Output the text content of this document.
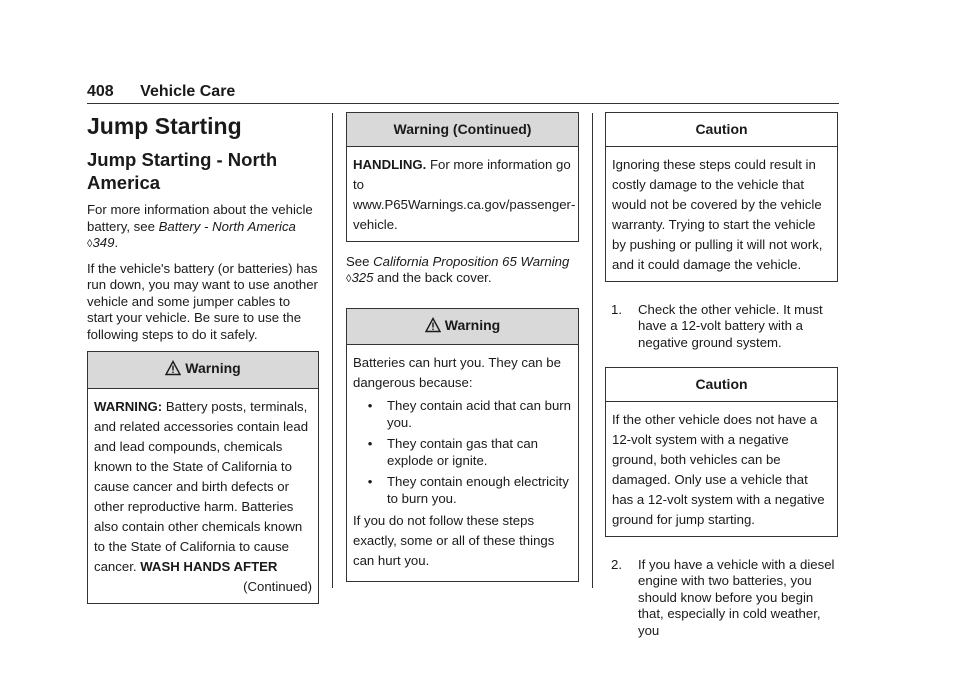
408 Vehicle Care
Jump Starting
Jump Starting - North America

For more information about the vehicle battery, see Battery - North America ◊349.

If the vehicle's battery (or batteries) has run down, you may want to use another vehicle and some jumper cables to start your vehicle. Be sure to use the following steps to do it safely.

Warning
WARNING: Battery posts, terminals, and related accessories contain lead and lead compounds, chemicals known to the State of California to cause cancer and birth defects or other reproductive harm. Batteries also contain other chemicals known to the State of California to cause cancer. WASH HANDS AFTER
(Continued)
Warning (Continued)
HANDLING. For more information go to www.P65Warnings.ca.gov/passenger-vehicle.

See California Proposition 65 Warning ◊325 and the back cover.

Warning

Batteries can hurt you. They can be dangerous because:

•	They contain acid that can burn you.
•	They contain gas that can explode or ignite.
•	They contain enough electricity to burn you.

If you do not follow these steps exactly, some or all of these things can hurt you.

Caution
Ignoring these steps could result in costly damage to the vehicle that would not be covered by the vehicle warranty. Trying to start the vehicle by pushing or pulling it will not work, and it could damage the vehicle.
1.	Check the other vehicle. It must have a 12-volt battery with a negative ground system.
Caution
If the other vehicle does not have a 12-volt system with a negative ground, both vehicles can be damaged. Only use a vehicle that has a 12-volt system with a negative ground for jump starting.
2.	If you have a vehicle with a diesel engine with two batteries, you should know before you begin that, especially in cold weather, you
